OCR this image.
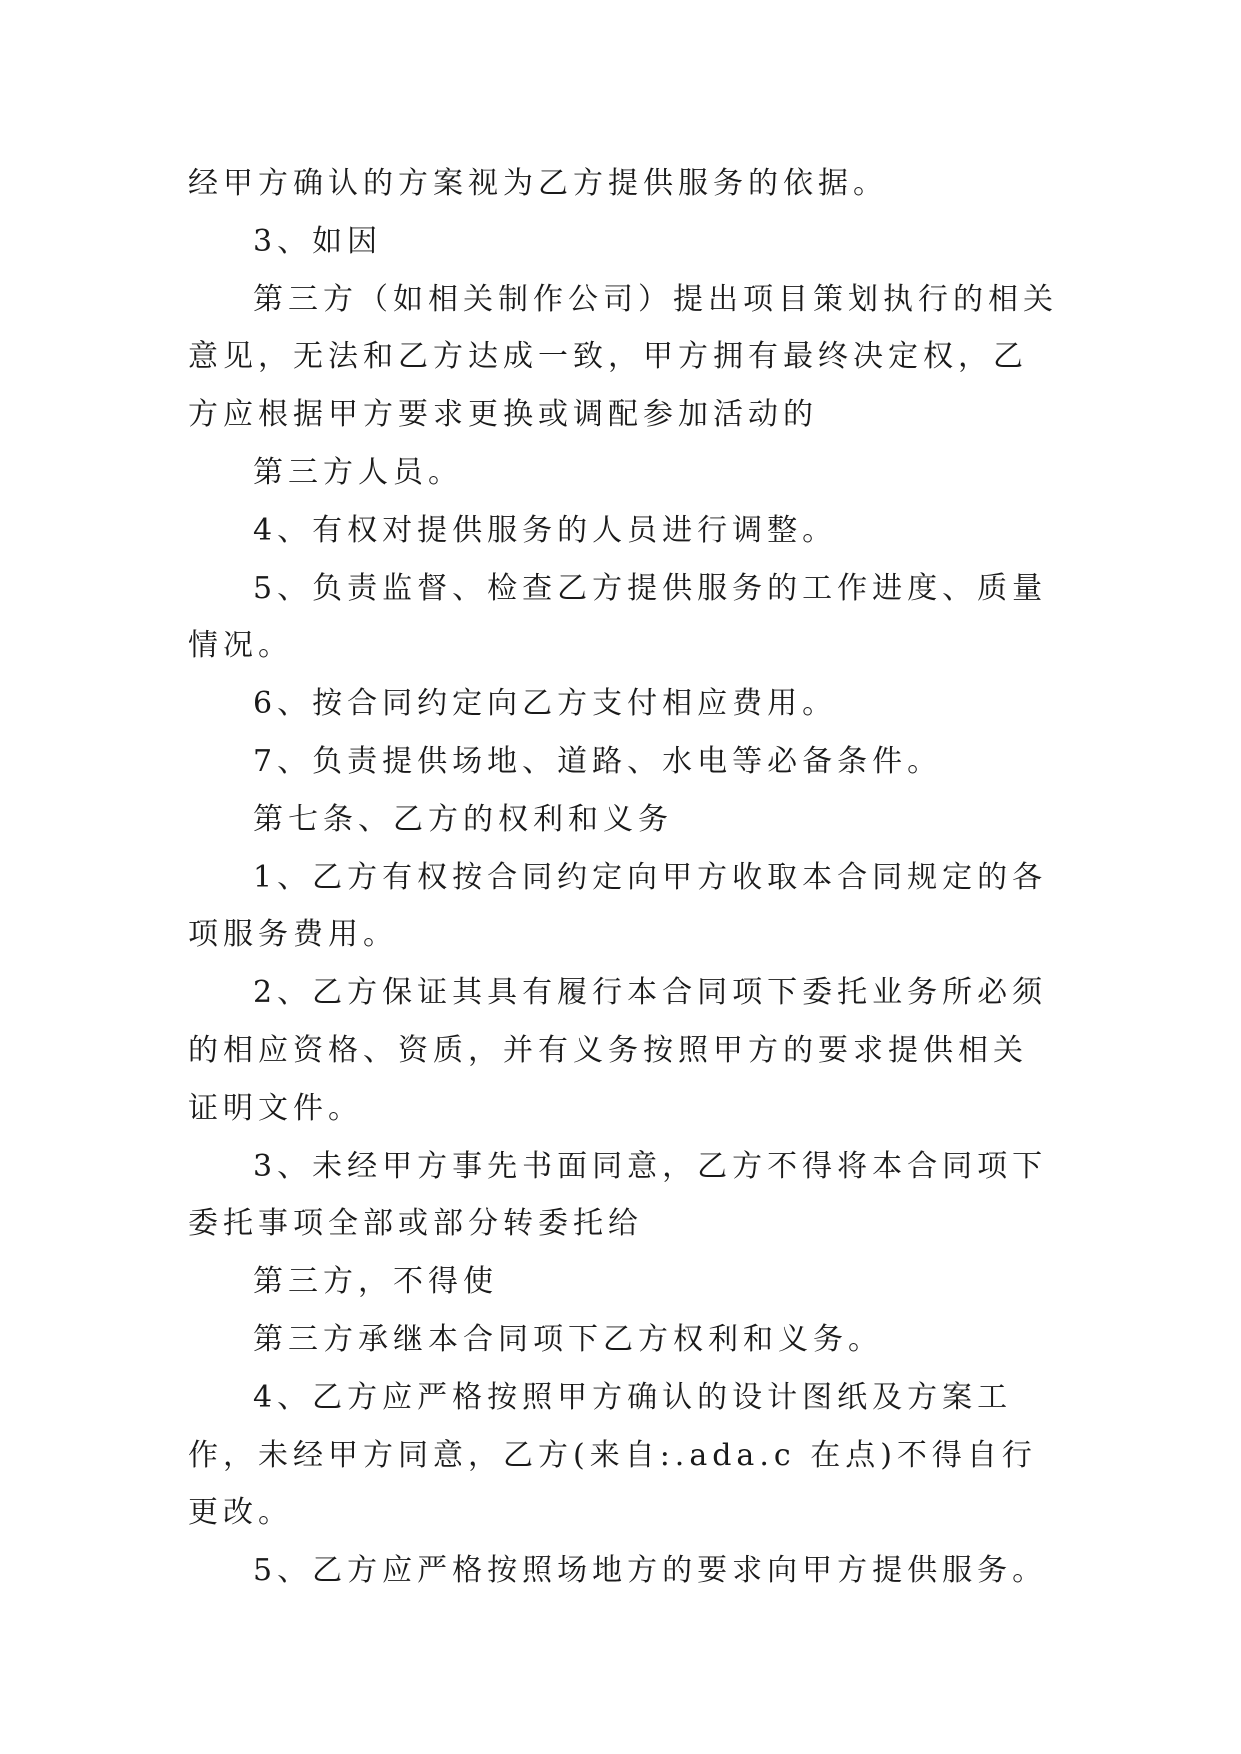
经甲方确认的方案视为乙方提供服务的依据。

3、如因

第三方（如相关制作公司）提出项目策划执行的相关意见，无法和乙方达成一致，甲方拥有最终决定权，乙方应根据甲方要求更换或调配参加活动的

第三方人员。

4、有权对提供服务的人员进行调整。

5、负责监督、检查乙方提供服务的工作进度、质量情况。

6、按合同约定向乙方支付相应费用。

7、负责提供场地、道路、水电等必备条件。

第七条、乙方的权利和义务

1、乙方有权按合同约定向甲方收取本合同规定的各项服务费用。

2、乙方保证其具有履行本合同项下委托业务所必须的相应资格、资质，并有义务按照甲方的要求提供相关证明文件。

3、未经甲方事先书面同意，乙方不得将本合同项下委托事项全部或部分转委托给

第三方，不得使

第三方承继本合同项下乙方权利和义务。

4、乙方应严格按照甲方确认的设计图纸及方案工作，未经甲方同意，乙方(来自:.ada.c 在点)不得自行更改。

5、乙方应严格按照场地方的要求向甲方提供服务。
